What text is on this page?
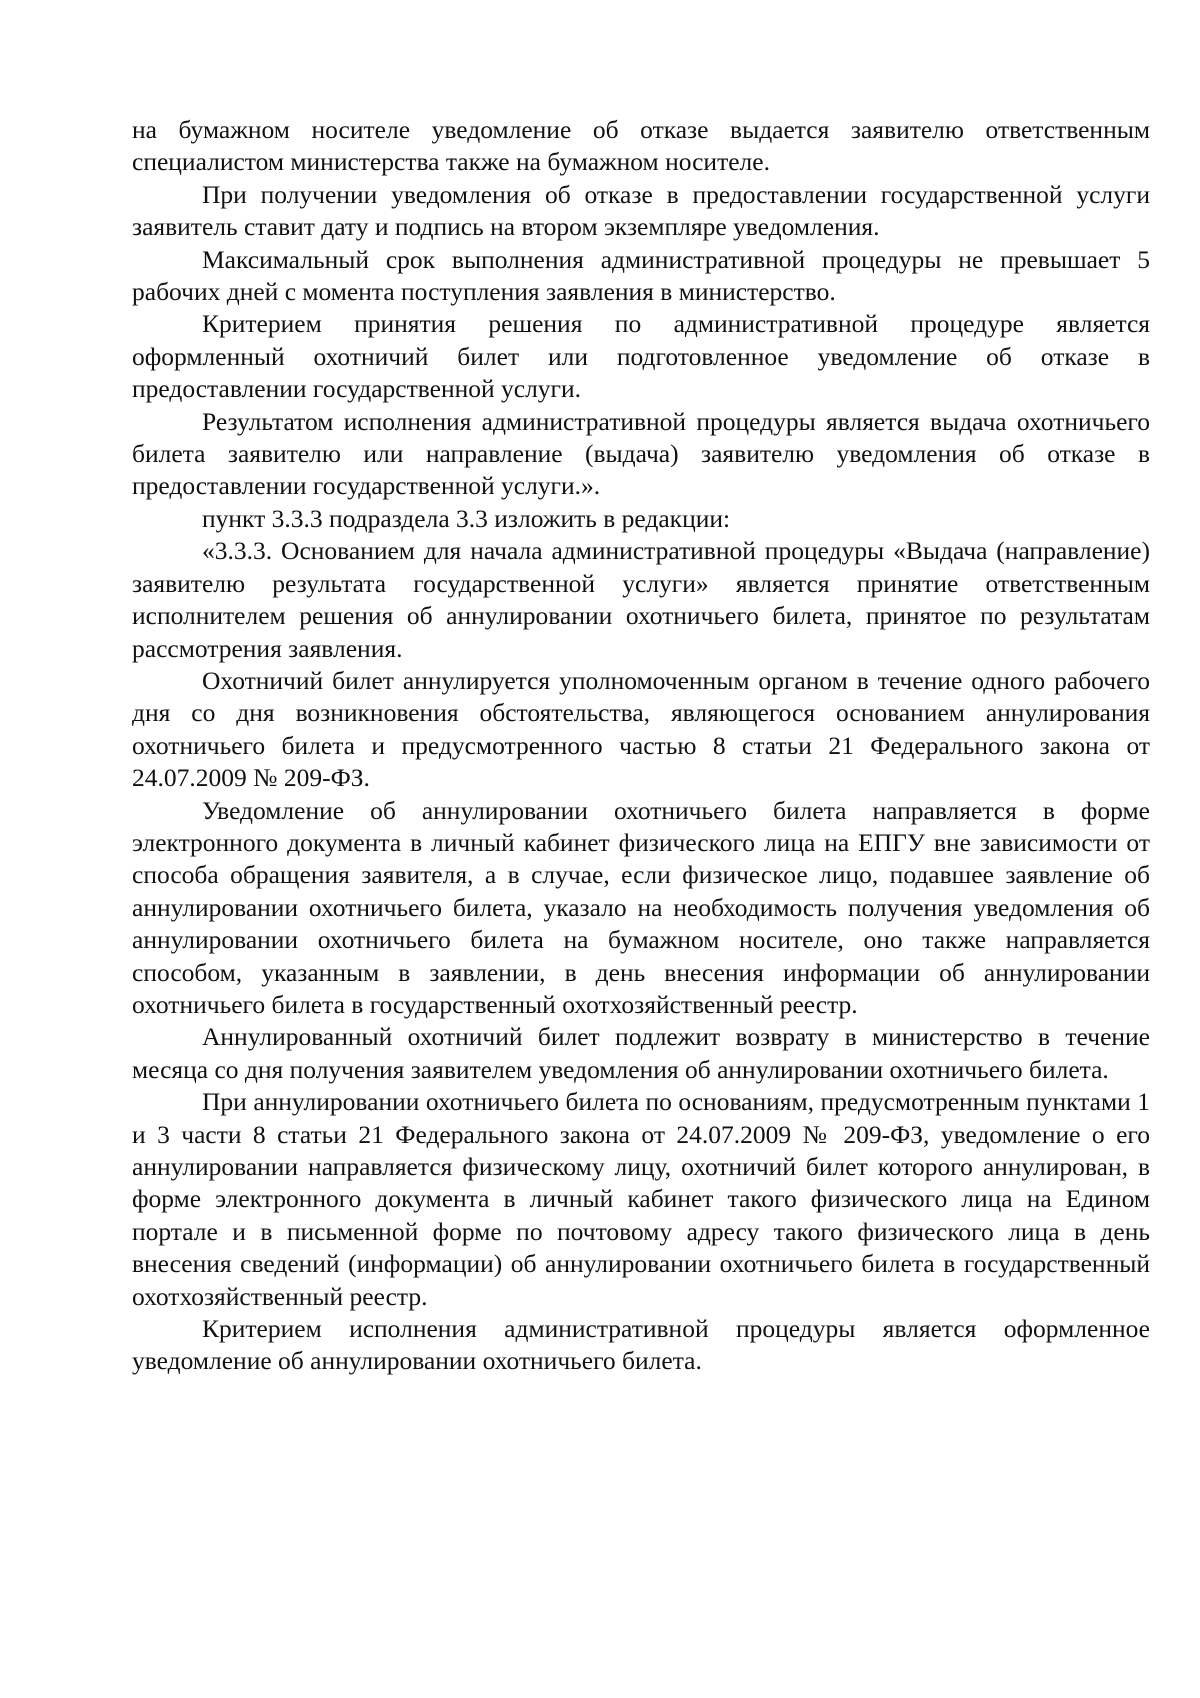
на бумажном носителе уведомление об отказе выдается заявителю ответственным специалистом министерства также на бумажном носителе.

При получении уведомления об отказе в предоставлении государственной услуги заявитель ставит дату и подпись на втором экземпляре уведомления.

Максимальный срок выполнения административной процедуры не превышает 5 рабочих дней с момента поступления заявления в министерство.

Критерием принятия решения по административной процедуре является оформленный охотничий билет или подготовленное уведомление об отказе в предоставлении государственной услуги.

Результатом исполнения административной процедуры является выдача охотничьего билета заявителю или направление (выдача) заявителю уведомления об отказе в предоставлении государственной услуги.».

пункт 3.3.3 подраздела 3.3 изложить в редакции:

«3.3.3. Основанием для начала административной процедуры «Выдача (направление) заявителю результата государственной услуги» является принятие ответственным исполнителем решения об аннулировании охотничьего билета, принятое по результатам рассмотрения заявления.

Охотничий билет аннулируется уполномоченным органом в течение одного рабочего дня со дня возникновения обстоятельства, являющегося основанием аннулирования охотничьего билета и предусмотренного частью 8 статьи 21 Федерального закона от 24.07.2009 № 209-ФЗ.

Уведомление об аннулировании охотничьего билета направляется в форме электронного документа в личный кабинет физического лица на ЕПГУ вне зависимости от способа обращения заявителя, а в случае, если физическое лицо, подавшее заявление об аннулировании охотничьего билета, указало на необходимость получения уведомления об аннулировании охотничьего билета на бумажном носителе, оно также направляется способом, указанным в заявлении, в день внесения информации об аннулировании охотничьего билета в государственный охотхозяйственный реестр.

Аннулированный охотничий билет подлежит возврату в министерство в течение месяца со дня получения заявителем уведомления об аннулировании охотничьего билета.

При аннулировании охотничьего билета по основаниям, предусмотренным пунктами 1 и 3 части 8 статьи 21 Федерального закона от 24.07.2009 № 209-ФЗ, уведомление о его аннулировании направляется физическому лицу, охотничий билет которого аннулирован, в форме электронного документа в личный кабинет такого физического лица на Едином портале и в письменной форме по почтовому адресу такого физического лица в день внесения сведений (информации) об аннулировании охотничьего билета в государственный охотхозяйственный реестр.

Критерием исполнения административной процедуры является оформленное уведомление об аннулировании охотничьего билета.
